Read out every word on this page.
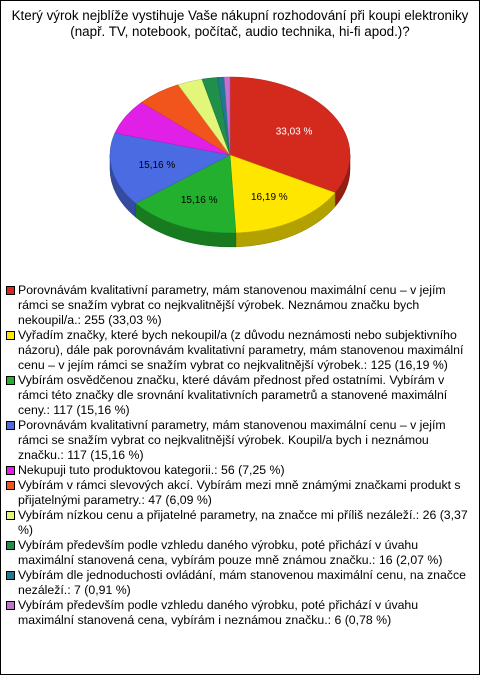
Který výrok nejblíže vystihuje Vaše nákupní rozhodování při koupi elektroniky (např. TV, notebook, počítač, audio technika, hi-fi apod.)?
33,03 %
16,19 %
15,16 %
15,16 %
Porovnávám kvalitativní parametry, mám stanovenou maximální cenu – v jejím rámci se snažím vybrat co nejkvalitnější výrobek. Neznámou značku bych nekoupil/a.: 255 (33,03 %)
Vyřadím značky, které bych nekoupil/a (z důvodu neznámosti nebo subjektivního názoru), dále pak porovnávám kvalitativní parametry, mám stanovenou maximální cenu – v jejím rámci se snažím vybrat co nejkvalitnější výrobek.: 125 (16,19 %)
Vybírám osvědčenou značku, které dávám přednost před ostatními. Vybírám v rámci této značky dle srovnání kvalitativních parametrů a stanovené maximální ceny.: 117 (15,16 %)
Porovnávám kvalitativní parametry, mám stanovenou maximální cenu – v jejím rámci se snažím vybrat co nejkvalitnější výrobek. Koupil/a bych i neznámou značku.: 117 (15,16 %)
Nekupuji tuto produktovou kategorii.: 56 (7,25 %)
Vybírám v rámci slevových akcí. Vybírám mezi mně známými značkami produkt s přijatelnými parametry.: 47 (6,09 %)
Vybírám nízkou cenu a přijatelné parametry, na značce mi příliš nezáleží.: 26 (3,37 %)
Vybírám především podle vzhledu daného výrobku, poté přichází v úvahu maximální stanovená cena, vybírám pouze mně známou značku.: 16 (2,07 %)
Vybírám dle jednoduchosti ovládání, mám stanovenou maximální cenu, na značce nezáleží.: 7 (0,91 %)
Vybírám především podle vzhledu daného výrobku, poté přichází v úvahu maximální stanovená cena, vybírám i neznámou značku.: 6 (0,78 %)
